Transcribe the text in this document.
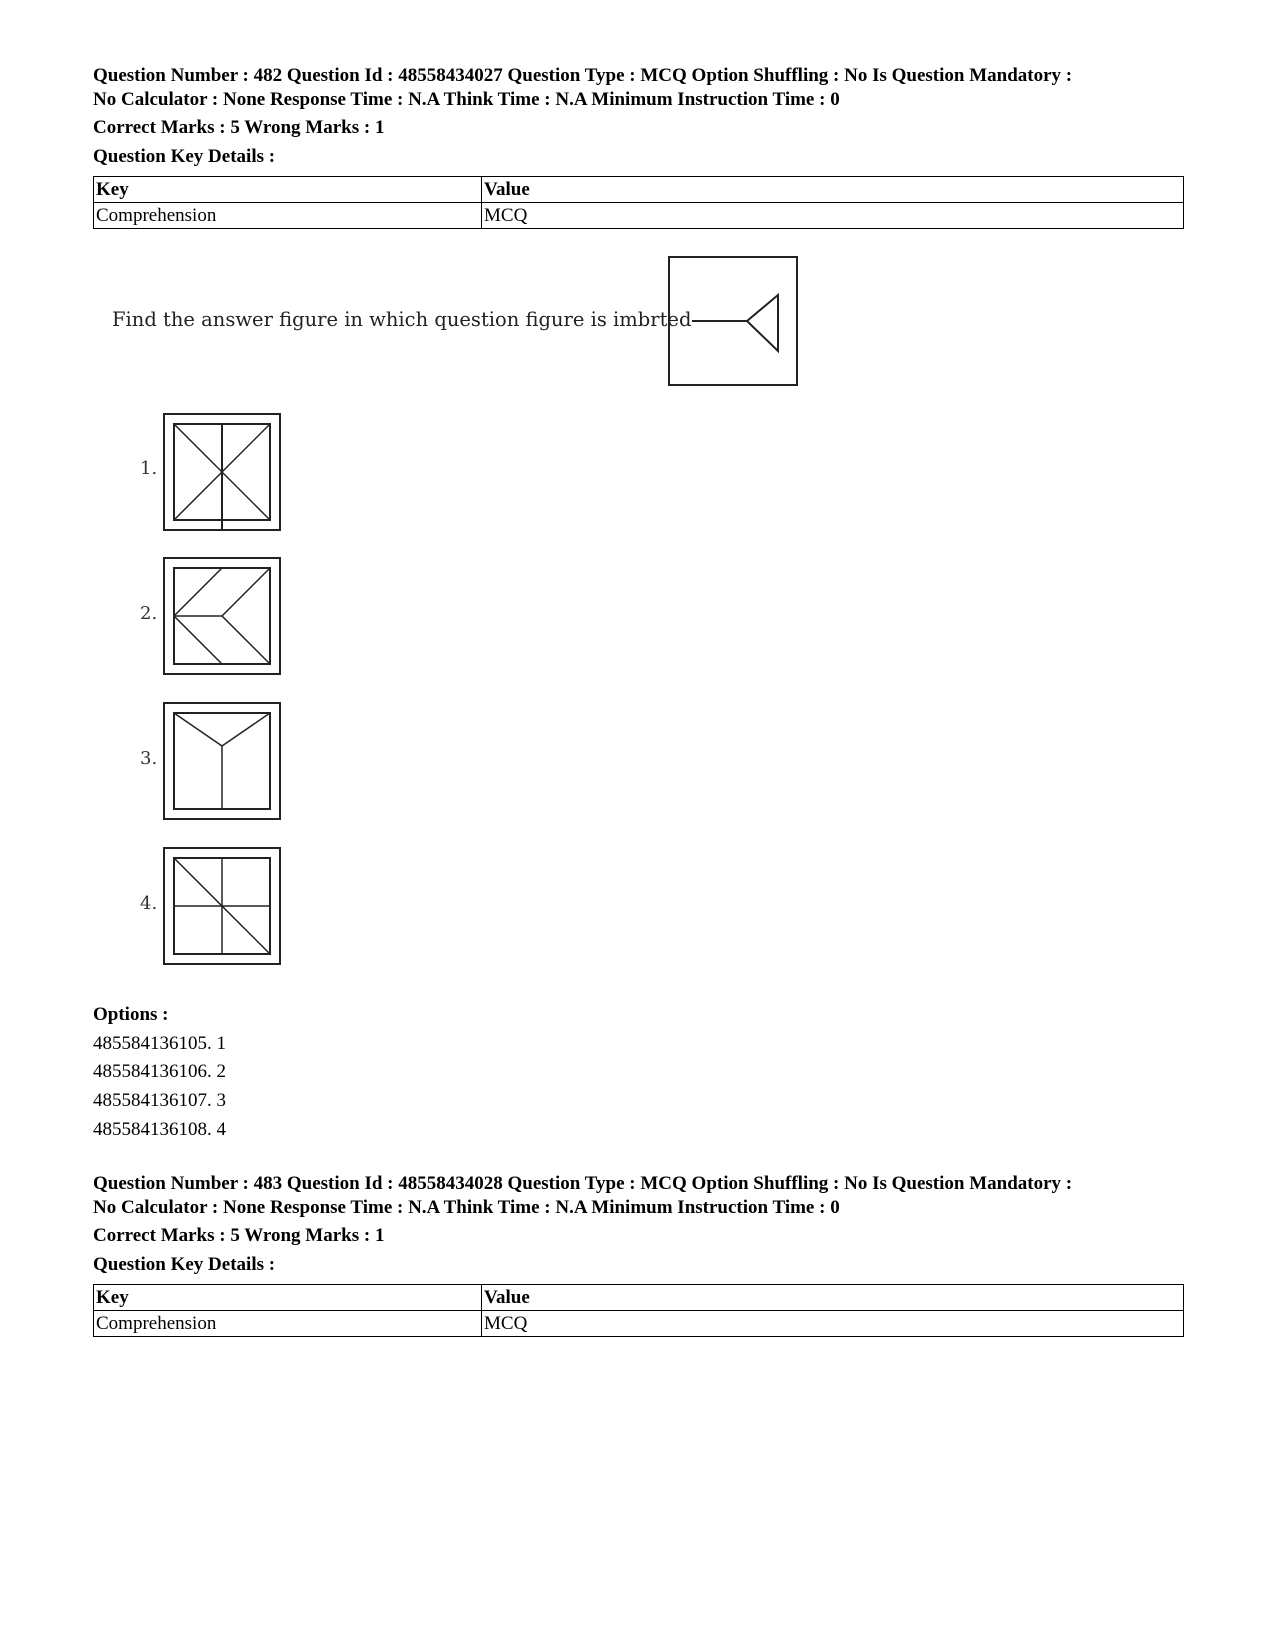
Question Number : 482 Question Id : 48558434027 Question Type : MCQ Option Shuffling : No Is Question Mandatory :
No Calculator : None Response Time : N.A Think Time : N.A Minimum Instruction Time : 0
Correct Marks : 5 Wrong Marks : 1
Question Key Details :
Key	Value
Comprehension	MCQ
Find the answer figure in which question figure is imbrted
1.
2.
3.
4.
Options :
485584136105. 1
485584136106. 2
485584136107. 3
485584136108. 4
Question Number : 483 Question Id : 48558434028 Question Type : MCQ Option Shuffling : No Is Question Mandatory :
No Calculator : None Response Time : N.A Think Time : N.A Minimum Instruction Time : 0
Correct Marks : 5 Wrong Marks : 1
Question Key Details :
Key	Value
Comprehension	MCQ
